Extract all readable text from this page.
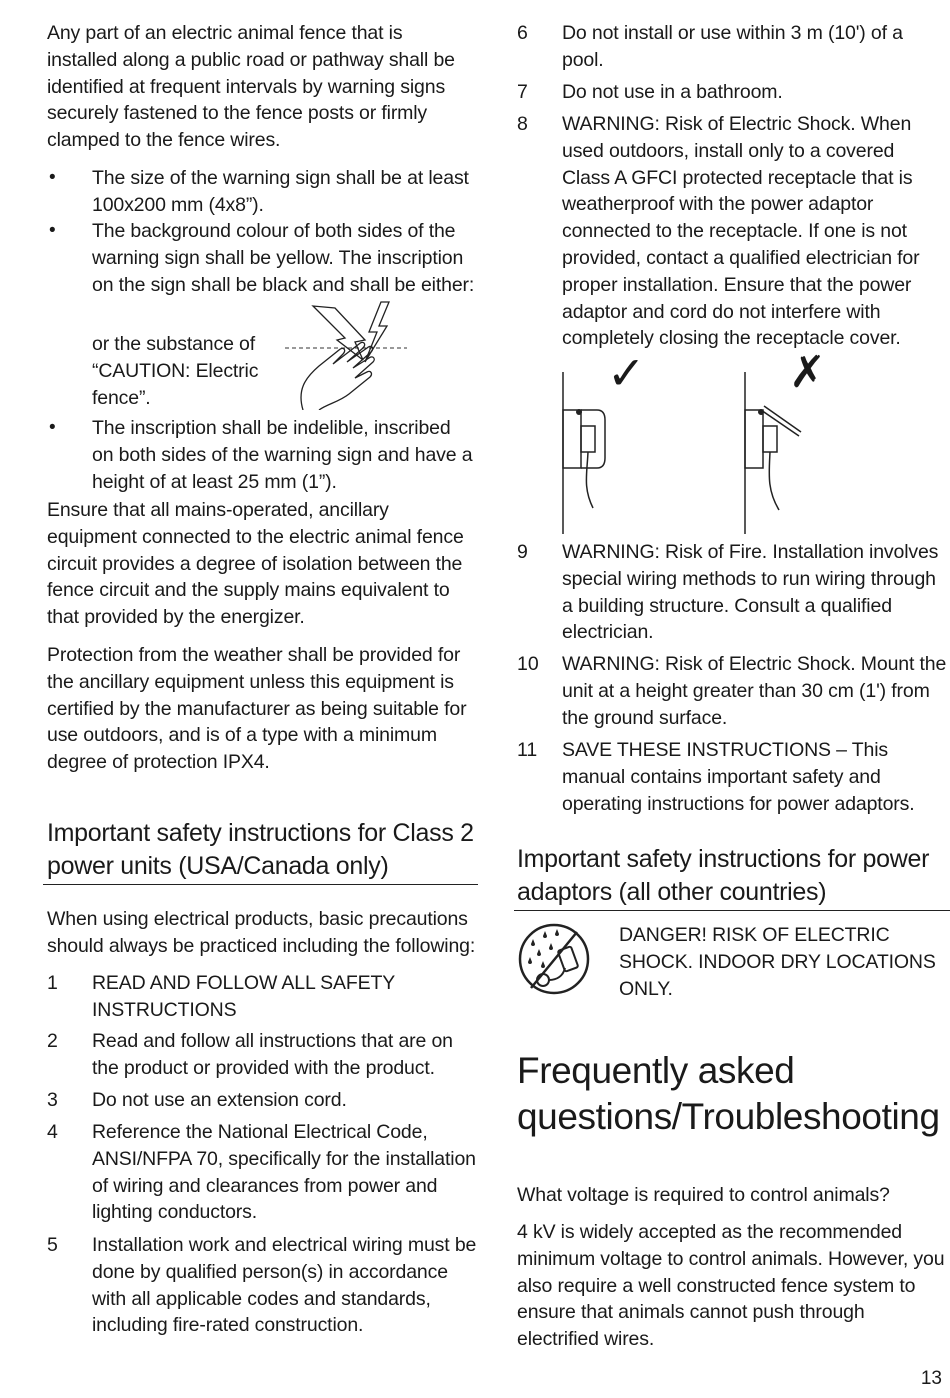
Any part of an electric animal fence that is installed along a public road or pathway shall be identified at frequent intervals by warning signs securely fastened to the fence posts or firmly clamped to the fence wires.

• The size of the warning sign shall be at least 100x200 mm (4x8”).

• The background colour of both sides of the warning sign shall be yellow. The inscription on the sign shall be black and shall be either:

or the substance of “CAUTION: Electric fence”.

• The inscription shall be indelible, inscribed on both sides of the warning sign and have a height of at least 25 mm (1”).

Ensure that all mains-operated, ancillary equipment connected to the electric animal fence circuit provides a degree of isolation between the fence circuit and the supply mains equivalent to that provided by the energizer.

Protection from the weather shall be provided for the ancillary equipment unless this equipment is certified by the manufacturer as being suitable for use outdoors, and is of a type with a minimum degree of protection IPX4.

Important safety instructions for Class 2 power units (USA/Canada only)

When using electrical products, basic precautions should always be practiced including the following:

1 READ AND FOLLOW ALL SAFETY INSTRUCTIONS

2 Read and follow all instructions that are on the product or provided with the product.

3 Do not use an extension cord.

4 Reference the National Electrical Code, ANSI/NFPA 70, specifically for the installation of wiring and clearances from power and lighting conductors.

5 Installation work and electrical wiring must be done by qualified person(s) in accordance with all applicable codes and standards, including fire-rated construction.

6 Do not install or use within 3 m (10') of a pool.

7 Do not use in a bathroom.

8 WARNING: Risk of Electric Shock. When used outdoors, install only to a covered Class A GFCI protected receptacle that is weatherproof with the power adaptor connected to the receptacle. If one is not provided, contact a qualified electrician for proper installation. Ensure that the power adaptor and cord do not interfere with completely closing the receptacle cover.

✓	✗
9 WARNING: Risk of Fire. Installation involves special wiring methods to run wiring through a building structure. Consult a qualified electrician.

10 WARNING: Risk of Electric Shock. Mount the unit at a height greater than 30 cm (1') from the ground surface.

11 SAVE THESE INSTRUCTIONS – This manual contains important safety and operating instructions for power adaptors.

Important safety instructions for power adaptors (all other countries)

DANGER! RISK OF ELECTRIC SHOCK. INDOOR DRY LOCATIONS ONLY.

Frequently asked questions/Troubleshooting

What voltage is required to control animals?

4 kV is widely accepted as the recommended minimum voltage to control animals. However, you also require a well constructed fence system to ensure that animals cannot push through electrified wires.

13
